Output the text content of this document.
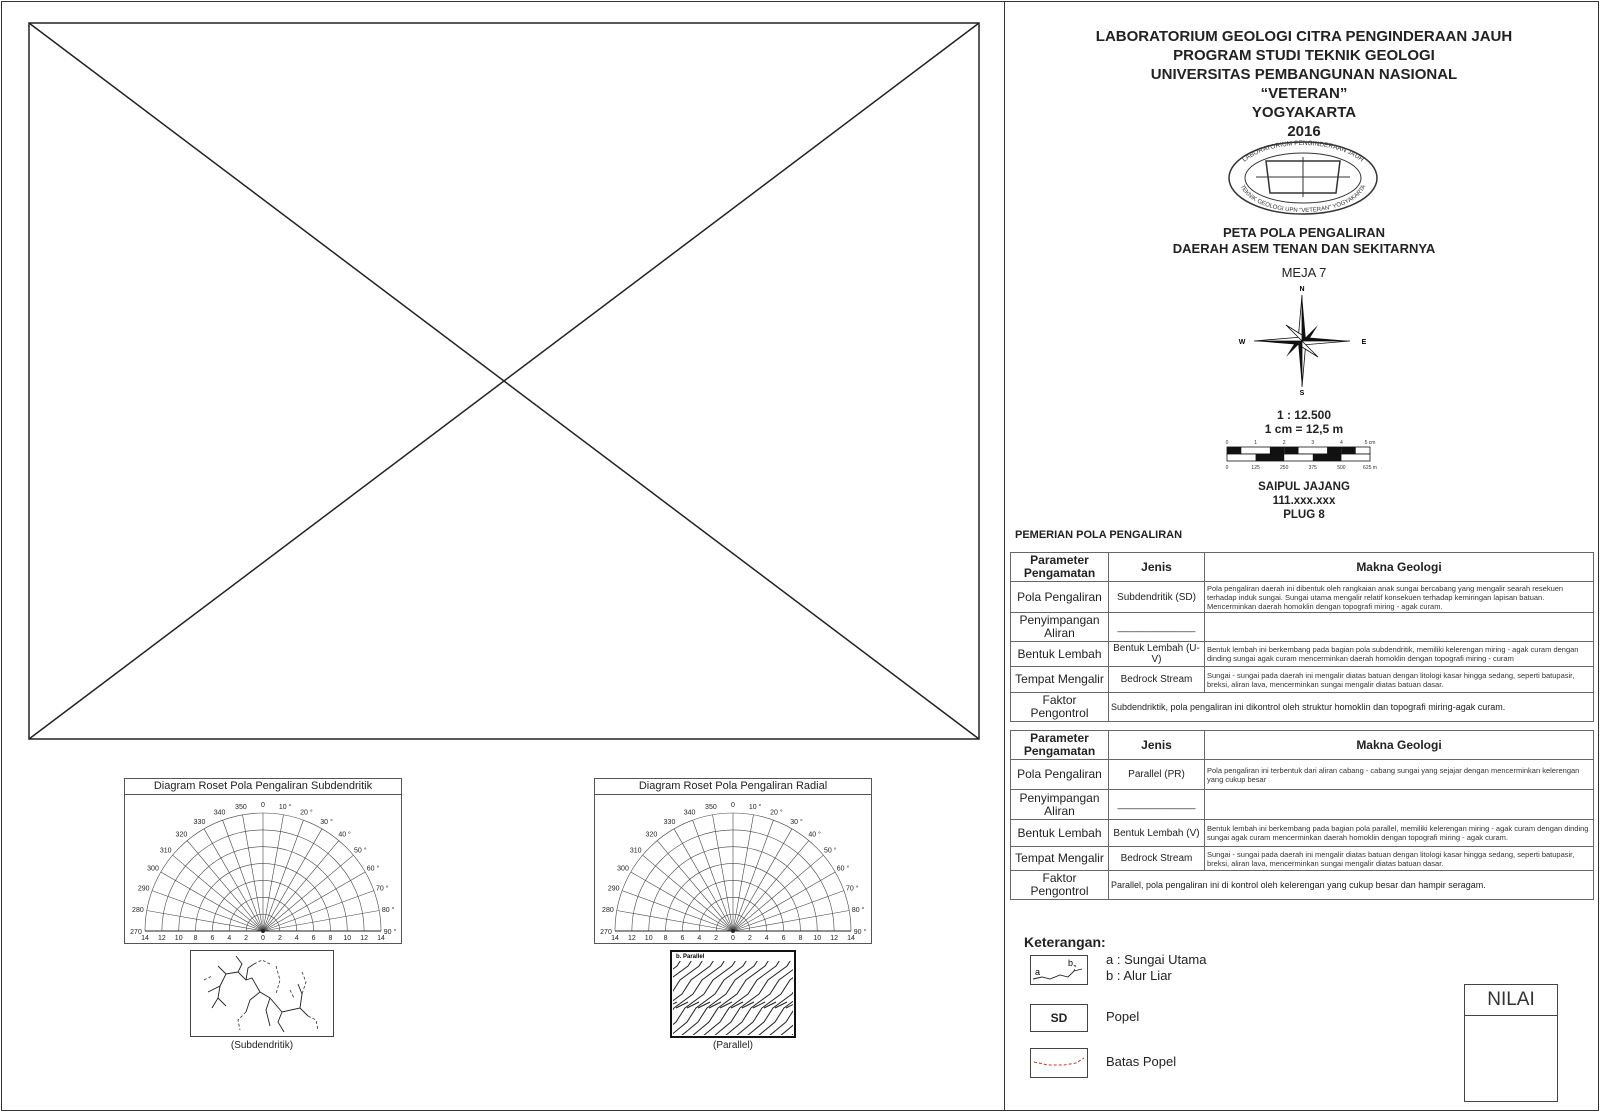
LABORATORIUM GEOLOGI CITRA PENGINDERAAN JAUH
PROGRAM STUDI TEKNIK GEOLOGI
UNIVERSITAS PEMBANGUNAN NASIONAL
“VETERAN”
YOGYAKARTA
2016
LABORATORIUM PENGINDERAAN JAUH
TEKNIK GEOLOGI UPN "VETERAN" YOGYAKARTA
PETA POLA PENGALIRAN
DAERAH ASEM TENAN DAN SEKITARNYA
MEJA 7
N
S
E
W
1 : 12.500
1 cm = 12,5 m
0	1	2	3	4	5 cm
0	125	250	375	500	625 m
SAIPUL JAJANG
111.xxx.xxx
PLUG 8
PEMERIAN POLA PENGALIRAN
Parameter Pengamatan	Jenis	Makna Geologi
Pola Pengaliran	Subdendritik (SD)	Pola pengaliran daerah ini dibentuk oleh rangkaian anak sungai bercabang yang mengalir searah resekuen terhadap induk sungai. Sungai utama mengalir relatif konsekuen terhadap kemiringan lapisan batuan. Mencerminkan daerah homoklin dengan topografi miring - agak curam.
Penyimpangan Aliran	______________	
Bentuk Lembah	Bentuk Lembah (U-V)	Bentuk lembah ini berkembang pada bagian pola subdendritik, memiliki kelerengan miring - agak curam dengan dinding sungai agak curam mencerminkan daerah homoklin dengan topografi miring - curam
Tempat Mengalir	Bedrock Stream	Sungai - sungai pada daerah ini mengalir diatas batuan dengan litologi kasar hingga sedang, seperti batupasir, breksi, aliran lava, mencerminkan sungai mengalir diatas batuan dasar.
Faktor Pengontrol	Subdendriktik, pola pengaliran ini dikontrol oleh struktur homoklin dan topografi miring-agak curam.	
Parameter Pengamatan	Jenis	Makna Geologi
Pola Pengaliran	Parallel (PR)	Pola pengaliran ini terbentuk dari aliran cabang - cabang sungai yang sejajar dengan mencerminkan kelerengan yang cukup besar
Penyimpangan Aliran	______________	
Bentuk Lembah	Bentuk Lembah (V)	Bentuk lembah ini berkembang pada bagian pola parallel, memiliki kelerengan miring - agak curam dengan dinding sungai agak curam mencerminkan daerah homoklin dengan topografi miring - agak curam.
Tempat Mengalir	Bedrock Stream	Sungai - sungai pada daerah ini mengalir diatas batuan dengan litologi kasar hingga sedang, seperti batupasir, breksi, aliran lava, mencerminkan sungai mengalir diatas batuan dasar.
Faktor Pengontrol	Parallel, pola pengaliran ini di kontrol oleh kelerengan yang cukup besar dan hampir seragam.	
Diagram Roset Pola Pengaliran Subdendritik
270
280
290
300
310
320
330
340
350 0 10 °
20 °
30 °
40 °
50 °
60 °
70 °
80 °
90 °
14 12 10 8 6 4 2 0 2 4 6 8 10 12 14
(Subdendritik)
Diagram Roset Pola Pengaliran Radial
270
280
290
300
310
320
330
340
350 0 10 °
20 °
30 °
40 °
50 °
60 °
70 °
80 °
90 °
14 12 10 8 6 4 2 0 2 4 6 8 10 12 14
b. Parallel
(Parallel)
Keterangan:
a
b. a : Sungai Utama
b : Alur Liar
SD	Popel
Batas Popel
NILAI
